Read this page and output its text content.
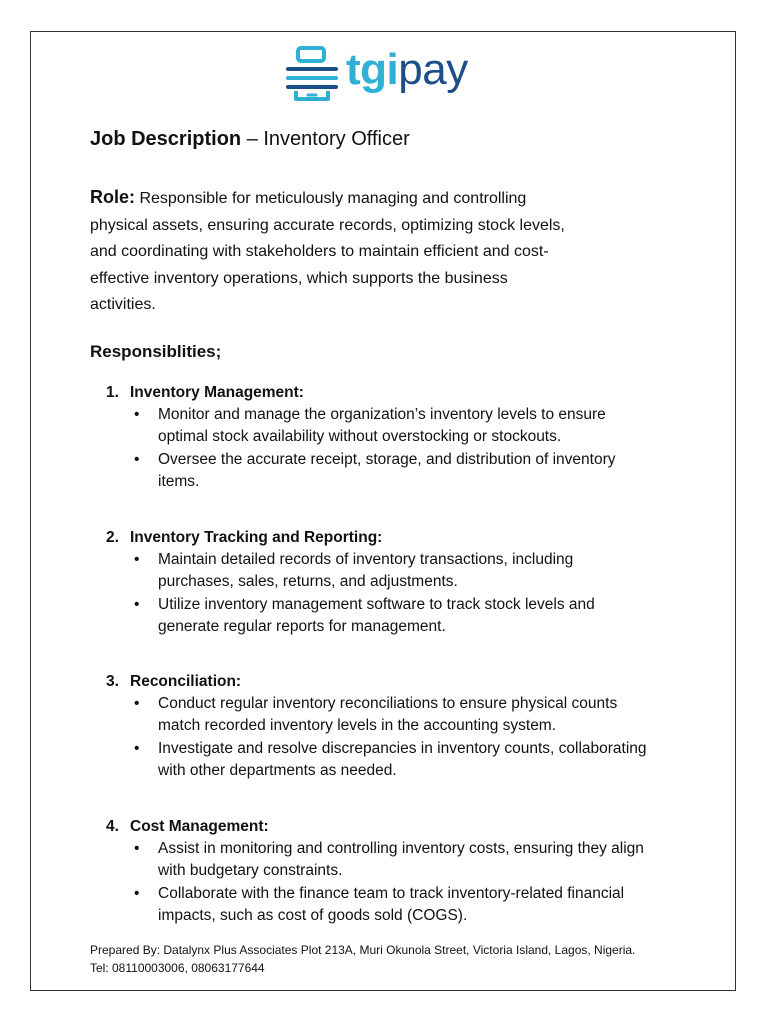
tgipay
Job Description – Inventory Officer
Role: Responsible for meticulously managing and controlling
physical assets, ensuring accurate records, optimizing stock levels,
and coordinating with stakeholders to maintain efficient and cost-
effective inventory operations, which supports the business
activities.
Responsiblities;
1. Inventory Management:
• Monitor and manage the organization’s inventory levels to ensure
optimal stock availability without overstocking or stockouts.
• Oversee the accurate receipt, storage, and distribution of inventory
items.
2. Inventory Tracking and Reporting:
• Maintain detailed records of inventory transactions, including
purchases, sales, returns, and adjustments.
• Utilize inventory management software to track stock levels and
generate regular reports for management.
3. Reconciliation:
• Conduct regular inventory reconciliations to ensure physical counts
match recorded inventory levels in the accounting system.
• Investigate and resolve discrepancies in inventory counts, collaborating
with other departments as needed.
4. Cost Management:
• Assist in monitoring and controlling inventory costs, ensuring they align
with budgetary constraints.
• Collaborate with the finance team to track inventory-related financial
impacts, such as cost of goods sold (COGS).
Prepared By: Datalynx Plus Associates Plot 213A, Muri Okunola Street, Victoria Island, Lagos, Nigeria.
Tel: 08110003006, 08063177644
